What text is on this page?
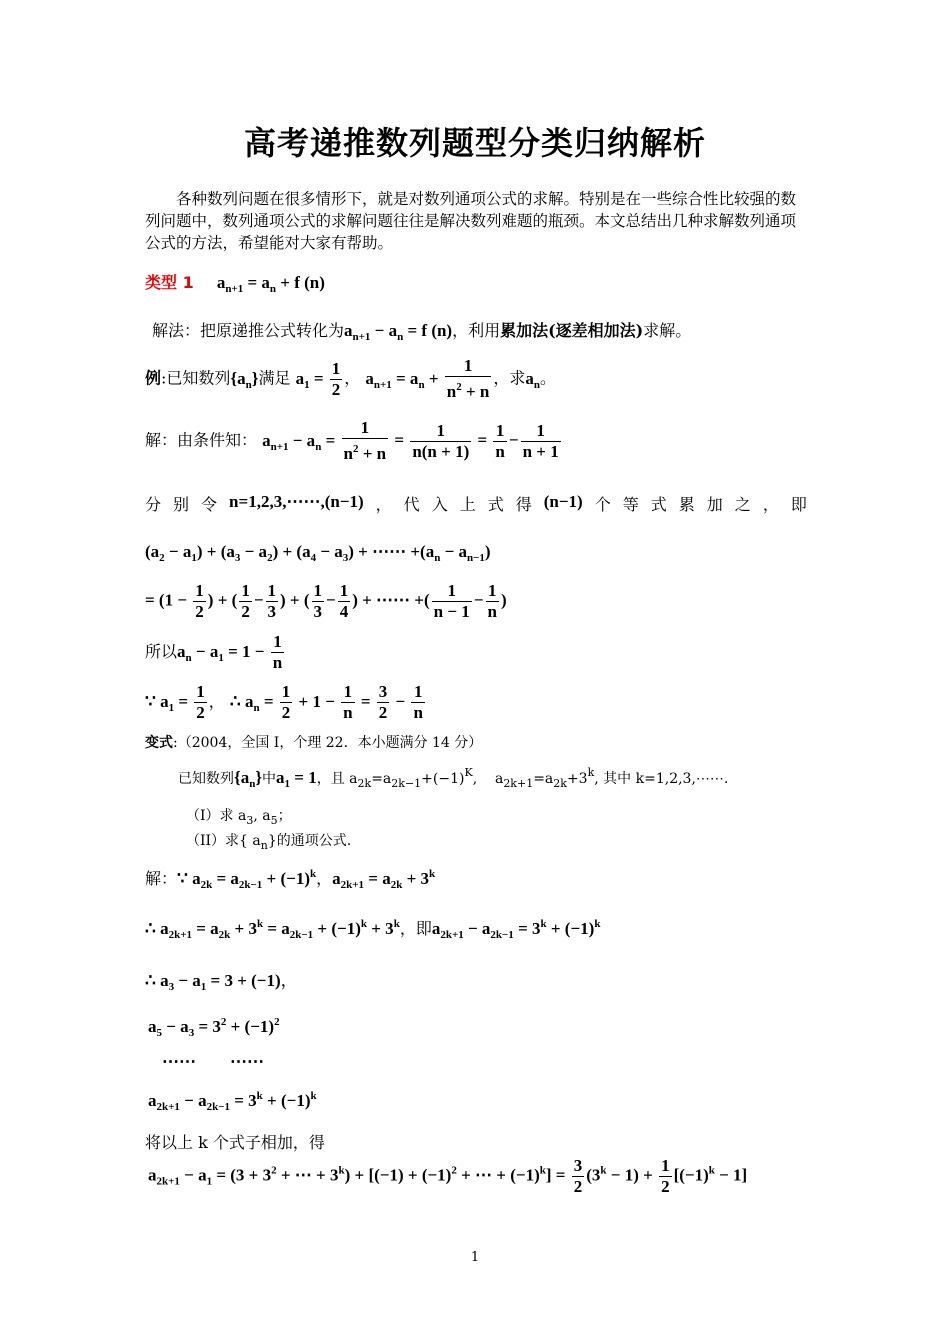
高考递推数列题型分类归纳解析
各种数列问题在很多情形下，就是对数列通项公式的求解。特别是在一些综合性比较强的数列问题中，数列通项公式的求解问题往往是解决数列难题的瓶颈。本文总结出几种求解数列通项公式的方法，希望能对大家有帮助。
类型 1 $a_{n+1} = a_n + f$ (n)
解法：把原递推公式转化为$a_{n+1} - a_n = f$ (n)，利用累加法(逐差相加法)求解。
例:已知数列$\{a_n\}$满足 $a_1 = \frac{1}{2}$ ， $a_{n+1} = a_n + \frac{1}{n^2 + n}$ ，求$a_n$。
解：由条件知： $a_{n+1} - a_n = \frac{1}{n^2 + n} = \frac{1}{n(n + 1)} = \frac{1}{n} - \frac{1}{n + 1}$
分 别 令 n=1,2,3,⋯⋯,(n−1) ， 代 入 上 式 得 (n−1) 个 等 式 累 加 之 ， 即
$(a_2 - a_1) + (a_3 - a_2) + (a_4 - a_3)$ + ⋯⋯ $+(a_n - a_{n-1})$
= ($1 - \frac{1}{2}$ ) + ( $\frac{1}{2} - \frac{1}{3}$ ) + ( $\frac{1}{3} - \frac{1}{4}$ ) + ⋯⋯ +( $\frac{1}{n - 1} - \frac{1}{n}$ )
所以$a_n - a_1 = 1 - \frac{1}{n}$
∵ $a_1 = \frac{1}{2}$ ， ∴ $a_n = \frac{1}{2} + 1 - \frac{1}{n} = \frac{3}{2} - \frac{1}{n}$
变式:（2004，全国 I，个理 22．本小题满分 14 分）
已知数列$\{a_n\}$中$a_1 = 1$，且 $a_{2k}=a_{2k-1}+(-1)^K$, $a_{2k+1}=a_{2k}+3^k$, 其中 k=1,2,3,⋯⋯.
（I）求 $a_3$, $a_5$；
（II）求{ $a_n$}的通项公式.
解：∵ $a_{2k} = a_{2k-1} + (-1)^k$，$a_{2k+1} = a_{2k} + 3^k$
∴ $a_{2k+1} = a_{2k} + 3^k = a_{2k-1} + (-1)^k + 3^k$，即$a_{2k+1} - a_{2k-1} = 3^k + (-1)^k$
∴ $a_3 - a_1 = 3 + (-1)$，
$a_5 - a_3 = 3^2 + (-1)^2$
⋯⋯ ⋯⋯
$a_{2k+1} - a_{2k-1} = 3^k + (-1)^k$
将以上 k 个式子相加，得
$a_{2k+1} - a_1 = (3 + 3^2$ + ⋯ + $3^k) + [(-1) + (-1)^2$ + ⋯ + $(-1)^k] = \frac{3}{2} (3^k - 1) + \frac{1}{2} [(-1)^k - 1]$
1
